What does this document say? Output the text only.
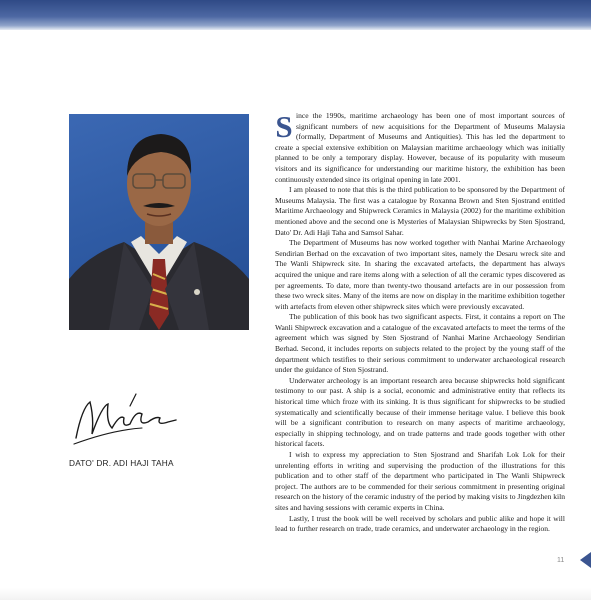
DATO' DR. ADI HAJI TAHA

S ince the 1990s, maritime archaeology has been one of most important sources of significant numbers of new acquisitions for the Department of Museums Malaysia (formally, Department of Museums and Antiquities). This has led the department to create a special extensive exhibition on Malaysian maritime archaeology which was initially planned to be only a temporary display. However, because of its popularity with museum visitors and its significance for understanding our maritime history, the exhibition has been continuously extended since its original opening in late 2001.

I am pleased to note that this is the third publication to be sponsored by the Department of Museums Malaysia. The first was a catalogue by Roxanna Brown and Sten Sjostrand entitled Maritime Archaeology and Shipwreck Ceramics in Malaysia (2002) for the maritime exhibition mentioned above and the second one is Mysteries of Malaysian Shipwrecks by Sten Sjostrand, Dato' Dr. Adi Haji Taha and Samsol Sahar.

The Department of Museums has now worked together with Nanhai Marine Archaeology Sendirian Berhad on the excavation of two important sites, namely the Desaru wreck site and The Wanli Shipwreck site. In sharing the excavated artefacts, the department has always acquired the unique and rare items along with a selection of all the ceramic types discovered as per agreements. To date, more than twenty-two thousand artefacts are in our possession from these two wreck sites. Many of the items are now on display in the maritime exhibition together with artefacts from eleven other shipwreck sites which were previously excavated.

The publication of this book has two significant aspects. First, it contains a report on The Wanli Shipwreck excavation and a catalogue of the excavated artefacts to meet the terms of the agreement which was signed by Sten Sjostrand of Nanhai Marine Archaeology Sendirian Berhad. Second, it includes reports on subjects related to the project by the young staff of the department which testifies to their serious commitment to underwater archaeological research under the guidance of Sten Sjostrand.

Underwater archeology is an important research area because shipwrecks hold significant testimony to our past. A ship is a social, economic and administrative entity that reflects its historical time which froze with its sinking. It is thus significant for shipwrecks to be studied systematically and scientifically because of their immense heritage value. I believe this book will be a significant contribution to research on many aspects of maritime archaeology, especially in shipping technology, and on trade patterns and trade goods together with other historical facets.

I wish to express my appreciation to Sten Sjostrand and Sharifah Lok Lok for their unrelenting efforts in writing and supervising the production of the illustrations for this publication and to other staff of the department who participated in The Wanli Shipwreck project. The authors are to be commended for their serious commitment in presenting original research on the history of the ceramic industry of the period by making visits to Jingdezhen kiln sites and having sessions with ceramic experts in China.

Lastly, I trust the book will be well received by scholars and public alike and hope it will lead to further research on trade, trade ceramics, and underwater archaeology in the region.

11
